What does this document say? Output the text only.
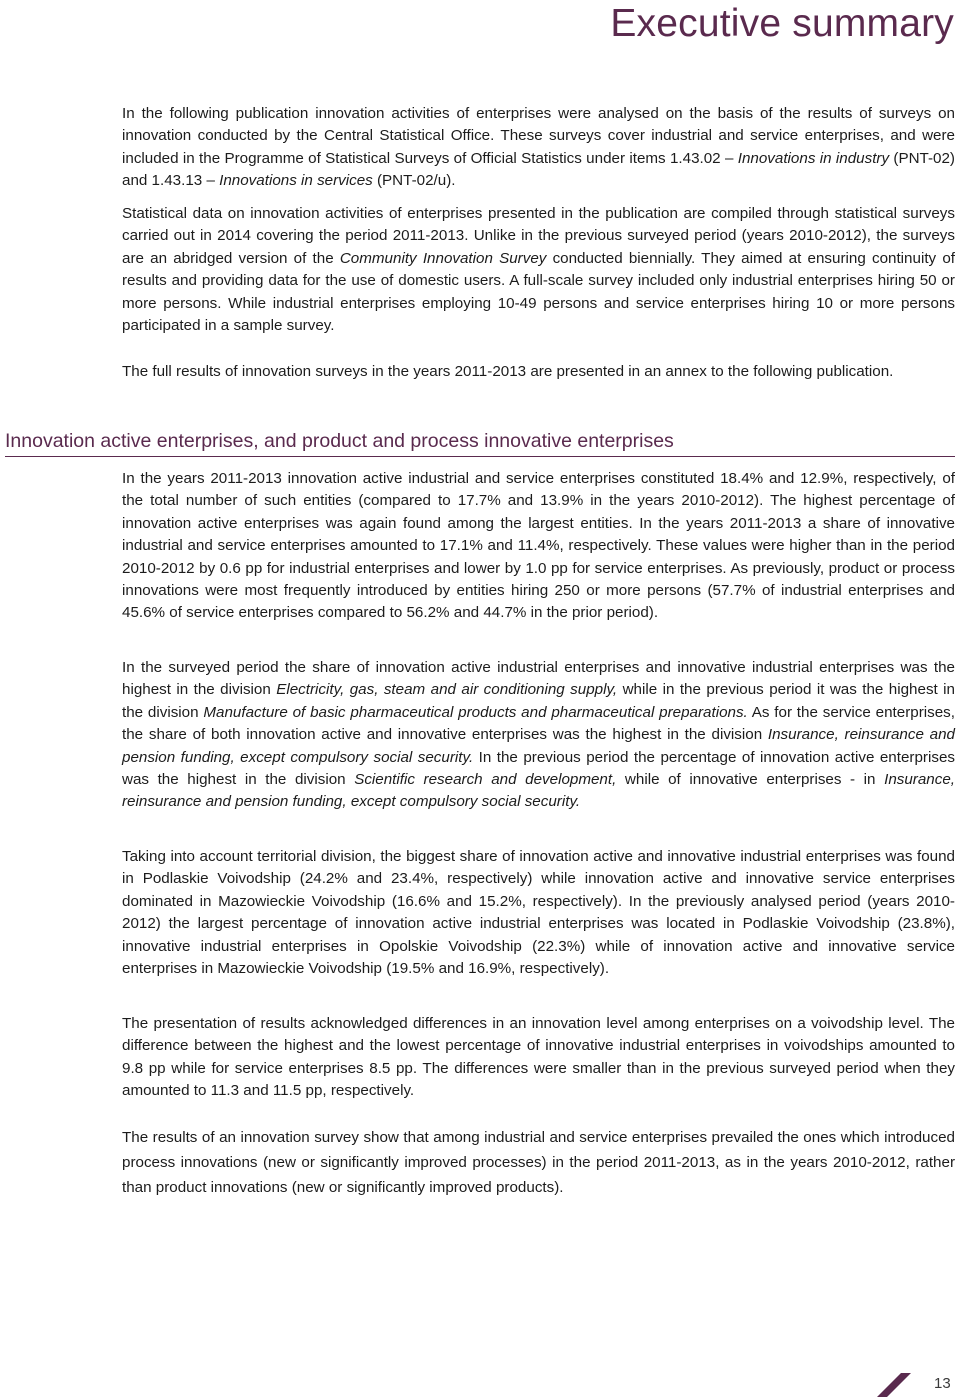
Executive summary

In the following publication innovation activities of enterprises were analysed on the basis of the results of surveys on innovation conducted by the Central Statistical Office. These surveys cover industrial and service enterprises, and were included in the Programme of Statistical Surveys of Official Statistics under items 1.43.02 – Innovations in industry (PNT-02) and 1.43.13 – Innovations in services (PNT-02/u).

Statistical data on innovation activities of enterprises presented in the publication are compiled through statistical surveys carried out in 2014 covering the period 2011-2013. Unlike in the previous surveyed period (years 2010-2012), the surveys are an abridged version of the Community Innovation Survey conducted biennially. They aimed at ensuring continuity of results and providing data for the use of domestic users. A full-scale survey included only industrial enterprises hiring 50 or more persons. While industrial enterprises employing 10-49 persons and service enterprises hiring 10 or more persons participated in a sample survey.

The full results of innovation surveys in the years 2011-2013 are presented in an annex to the following publication.

Innovation active enterprises, and product and process innovative enterprises

In the years 2011-2013 innovation active industrial and service enterprises constituted 18.4% and 12.9%, respectively, of the total number of such entities (compared to 17.7% and 13.9% in the years 2010-2012). The highest percentage of innovation active enterprises was again found among the largest entities. In the years 2011-2013 a share of innovative industrial and service enterprises amounted to 17.1% and 11.4%, respectively. These values were higher than in the period 2010-2012 by 0.6 pp for industrial enterprises and lower by 1.0 pp for service enterprises. As previously, product or process innovations were most frequently introduced by entities hiring 250 or more persons (57.7% of industrial enterprises and 45.6% of service enterprises compared to 56.2% and 44.7% in the prior period).

In the surveyed period the share of innovation active industrial enterprises and innovative industrial enterprises was the highest in the division Electricity, gas, steam and air conditioning supply, while in the previous period it was the highest in the division Manufacture of basic pharmaceutical products and pharmaceutical preparations. As for the service enterprises, the share of both innovation active and innovative enterprises was the highest in the division Insurance, reinsurance and pension funding, except compulsory social security. In the previous period the percentage of innovation active enterprises was the highest in the division Scientific research and development, while of innovative enterprises - in Insurance, reinsurance and pension funding, except compulsory social security.

Taking into account territorial division, the biggest share of innovation active and innovative industrial enterprises was found in Podlaskie Voivodship (24.2% and 23.4%, respectively) while innovation active and innovative service enterprises dominated in Mazowieckie Voivodship (16.6% and 15.2%, respectively). In the previously analysed period (years 2010-2012) the largest percentage of innovation active industrial enterprises was located in Podlaskie Voivodship (23.8%), innovative industrial enterprises in Opolskie Voivodship (22.3%) while of innovation active and innovative service enterprises in Mazowieckie Voivodship (19.5% and 16.9%, respectively).

The presentation of results acknowledged differences in an innovation level among enterprises on a voivodship level. The difference between the highest and the lowest percentage of innovative industrial enterprises in voivodships amounted to 9.8 pp while for service enterprises 8.5 pp. The differences were smaller than in the previous surveyed period when they amounted to 11.3 and 11.5 pp, respectively.

The results of an innovation survey show that among industrial and service enterprises prevailed the ones which introduced process innovations (new or significantly improved processes) in the period 2011-2013, as in the years 2010-2012, rather than product innovations (new or significantly improved products).

13
